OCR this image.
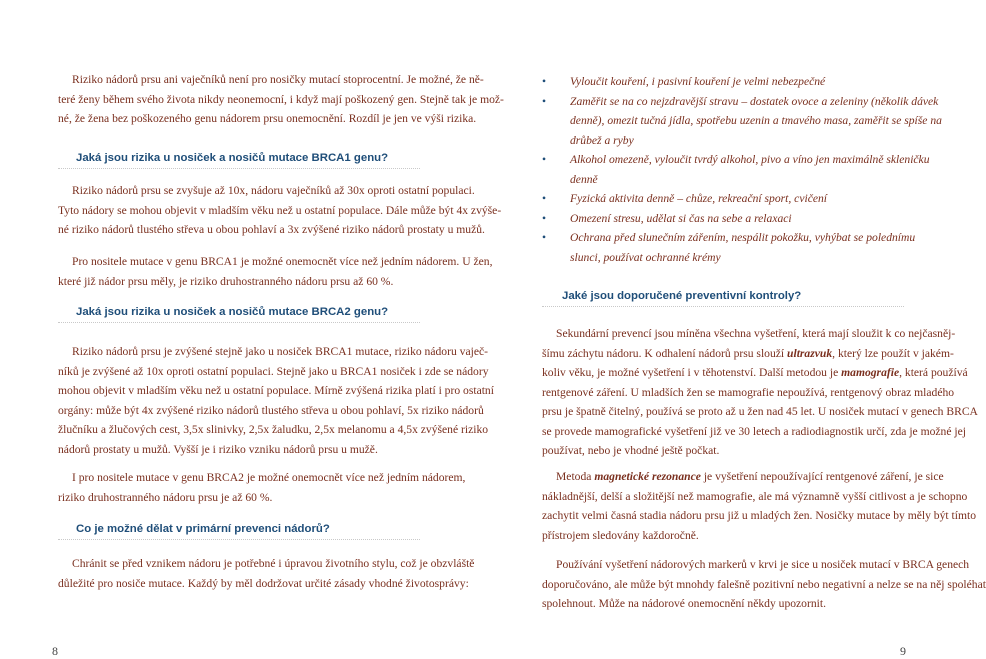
Riziko nádorů prsu ani vaječníků není pro nosičky mutací stoprocentní. Je možné, že ně-
teré ženy během svého života nikdy neonemocní, i když mají poškozený gen. Stejně tak je mož-
né, že žena bez poškozeného genu nádorem prsu onemocnění. Rozdíl je jen ve výši rizika.
Jaká jsou rizika u nosiček a nosičů mutace BRCA1 genu?
Riziko nádorů prsu se zvyšuje až 10x, nádoru vaječníků až 30x oproti ostatní populaci.
Tyto nádory se mohou objevit v mladším věku než u ostatní populace. Dále může být 4x zvýše-
né riziko nádorů tlustého střeva u obou pohlaví a 3x zvýšené riziko nádorů prostaty u mužů.
Pro nositele mutace v genu BRCA1 je možné onemocnět více než jedním nádorem. U žen,
které již nádor prsu měly, je riziko druhostranného nádoru prsu až 60 %.
Jaká jsou rizika u nosiček a nosičů mutace BRCA2 genu?
Riziko nádorů prsu je zvýšené stejně jako u nosiček BRCA1 mutace, riziko nádoru vaječ-
níků je zvýšené až 10x oproti ostatní populaci. Stejně jako u BRCA1 nosiček i zde se nádory
mohou objevit v mladším věku než u ostatní populace. Mírně zvýšená rizika platí i pro ostatní
orgány: může být 4x zvýšené riziko nádorů tlustého střeva u obou pohlaví, 5x riziko nádorů
žlučníku a žlučových cest, 3,5x slinivky, 2,5x žaludku, 2,5x melanomu a 4,5x zvýšené riziko
nádorů prostaty u mužů. Vyšší je i riziko vzniku nádorů prsu u mužě.
I pro nositele mutace v genu BRCA2 je možné onemocnět více než jedním nádorem,
riziko druhostranného nádoru prsu je až 60 %.
Co je možné dělat v primární prevenci nádorů?
Chránit se před vznikem nádoru je potřebné i úpravou životního stylu, což je obzvláště
důležité pro nosiče mutace. Každý by měl dodržovat určité zásady vhodné životosprávy:
8
• Vyloučit kouření, i pasivní kouření je velmi nebezpečné
• Zaměřit se na co nejzdravější stravu – dostatek ovoce a zeleniny (několik dávek
denně), omezit tučná jídla, spotřebu uzenin a tmavého masa, zaměřit se spíše na
drůbež a ryby
• Alkohol omezeně, vyloučit tvrdý alkohol, pivo a víno jen maximálně skleničku
denně
• Fyzická aktivita denně – chůze, rekreační sport, cvičení
• Omezení stresu, udělat si čas na sebe a relaxaci
• Ochrana před slunečním zářením, nespálit pokožku, vyhýbat se polednímu
slunci, používat ochranné krémy
Jaké jsou doporučené preventivní kontroly?
Sekundární prevencí jsou míněna všechna vyšetření, která mají sloužit k co nejčasněj-
šímu záchytu nádoru. K odhalení nádorů prsu slouží ultrazvuk, který lze použít v jakém-
koliv věku, je možné vyšetření i v těhotenství. Další metodou je mamografie, která používá
rentgenové záření. U mladších žen se mamografie nepoužívá, rentgenový obraz mladého
prsu je špatně čitelný, používá se proto až u žen nad 45 let. U nosiček mutací v genech BRCA
se provede mamografické vyšetření již ve 30 letech a radiodiagnostik určí, zda je možné jej
používat, nebo je vhodné ještě počkat.
Metoda magnetické rezonance je vyšetření nepoužívající rentgenové záření, je sice
nákladnější, delší a složitější než mamografie, ale má významně vyšší citlivost a je schopno
zachytit velmi časná stadia nádoru prsu již u mladých žen. Nosičky mutace by měly být tímto
přístrojem sledovány každoročně.
Používání vyšetření nádorových markerů v krvi je sice u nosiček mutací v BRCA genech
doporučováno, ale může být mnohdy falešně pozitivní nebo negativní a nelze se na něj spoléhat
spolehnout. Může na nádorové onemocnění někdy upozornit.
9
